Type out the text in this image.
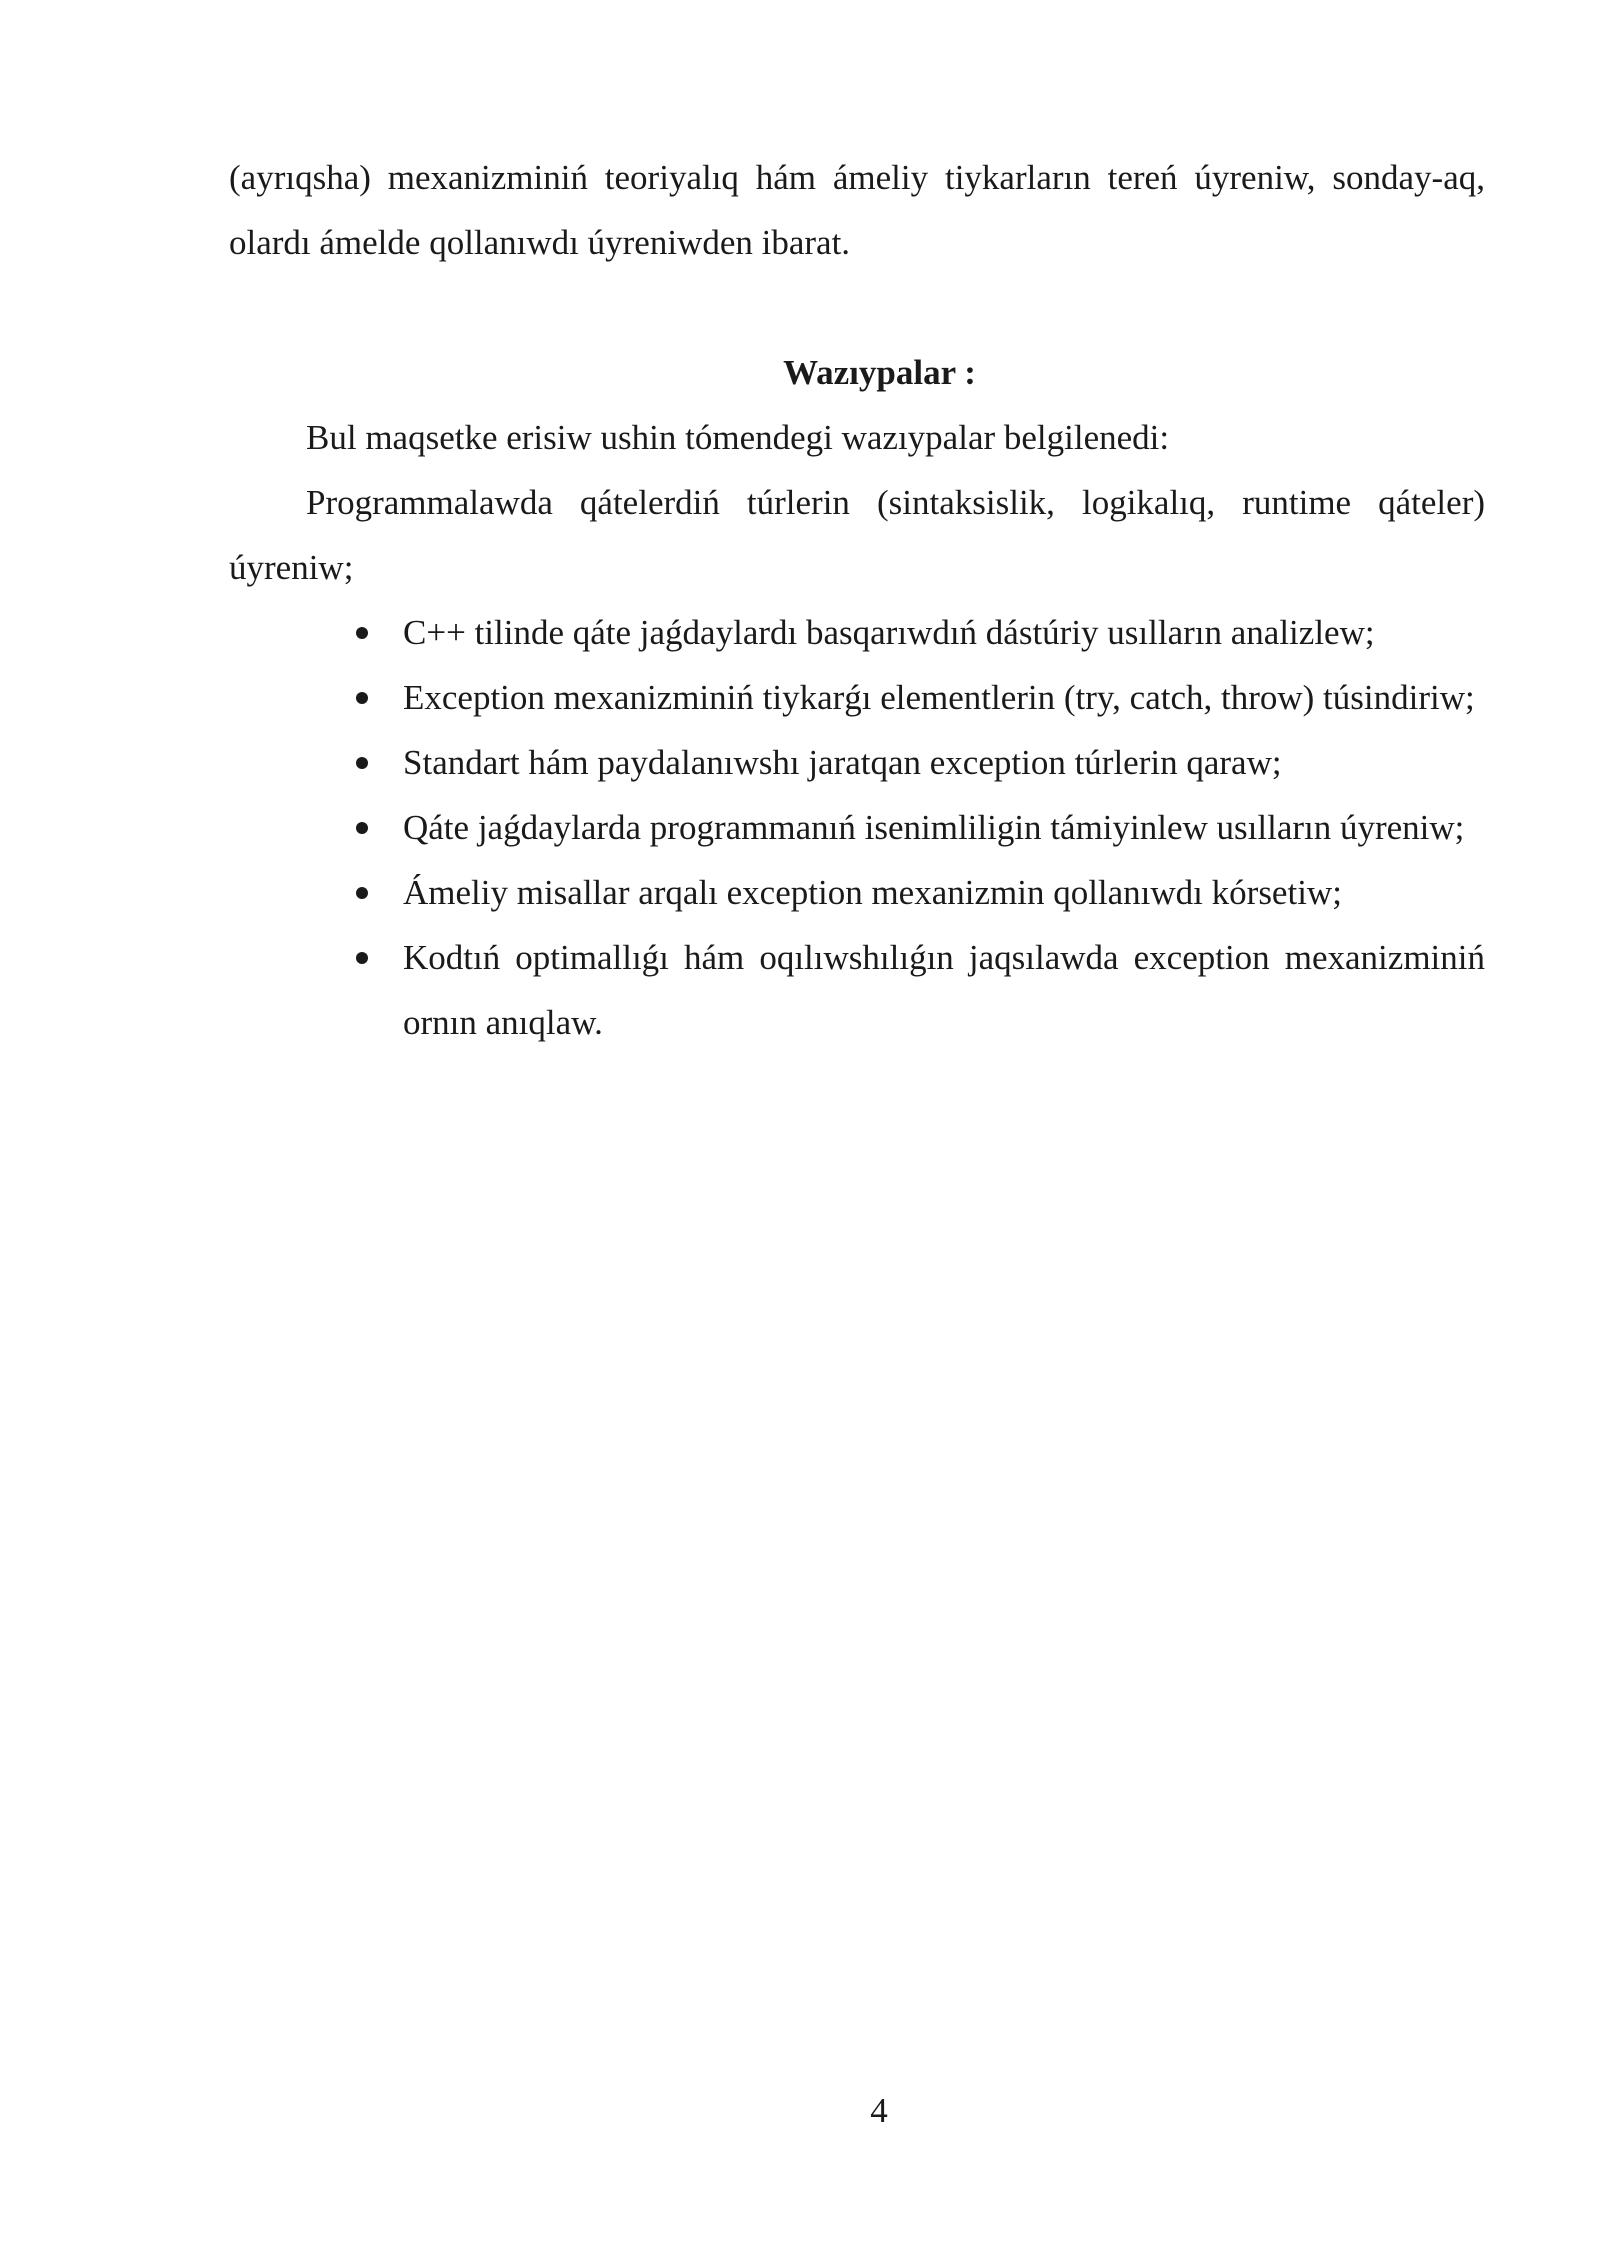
(ayrıqsha) mexanizminiń teoriyalıq hám ámeliy tiykarların tereń úyreniw, sonday-aq, olardı ámelde qollanıwdı úyreniwden ibarat.

Wazıypalar :

Bul maqsetke erisiw ushin tómendegi wazıypalar belgilenedi:

Programmalawda qátelerdiń túrlerin (sintaksislik, logikalıq, runtime qáteler) úyreniw;

C++ tilinde qáte jaǵdaylardı basqarıwdıń dástúriy usılların analizlew;
Exception mexanizminiń tiykarǵı elementlerin (try, catch, throw) túsindiriw;
Standart hám paydalanıwshı jaratqan exception túrlerin qaraw;
Qáte jaǵdaylarda programmanıń isenimliligin támiyinlew usılların úyreniw;
Ámeliy misallar arqalı exception mexanizmin qollanıwdı kórsetiw;
Kodtıń optimallıǵı hám oqılıwshılıǵın jaqsılawda exception mexanizminiń ornın anıqlaw.
4
